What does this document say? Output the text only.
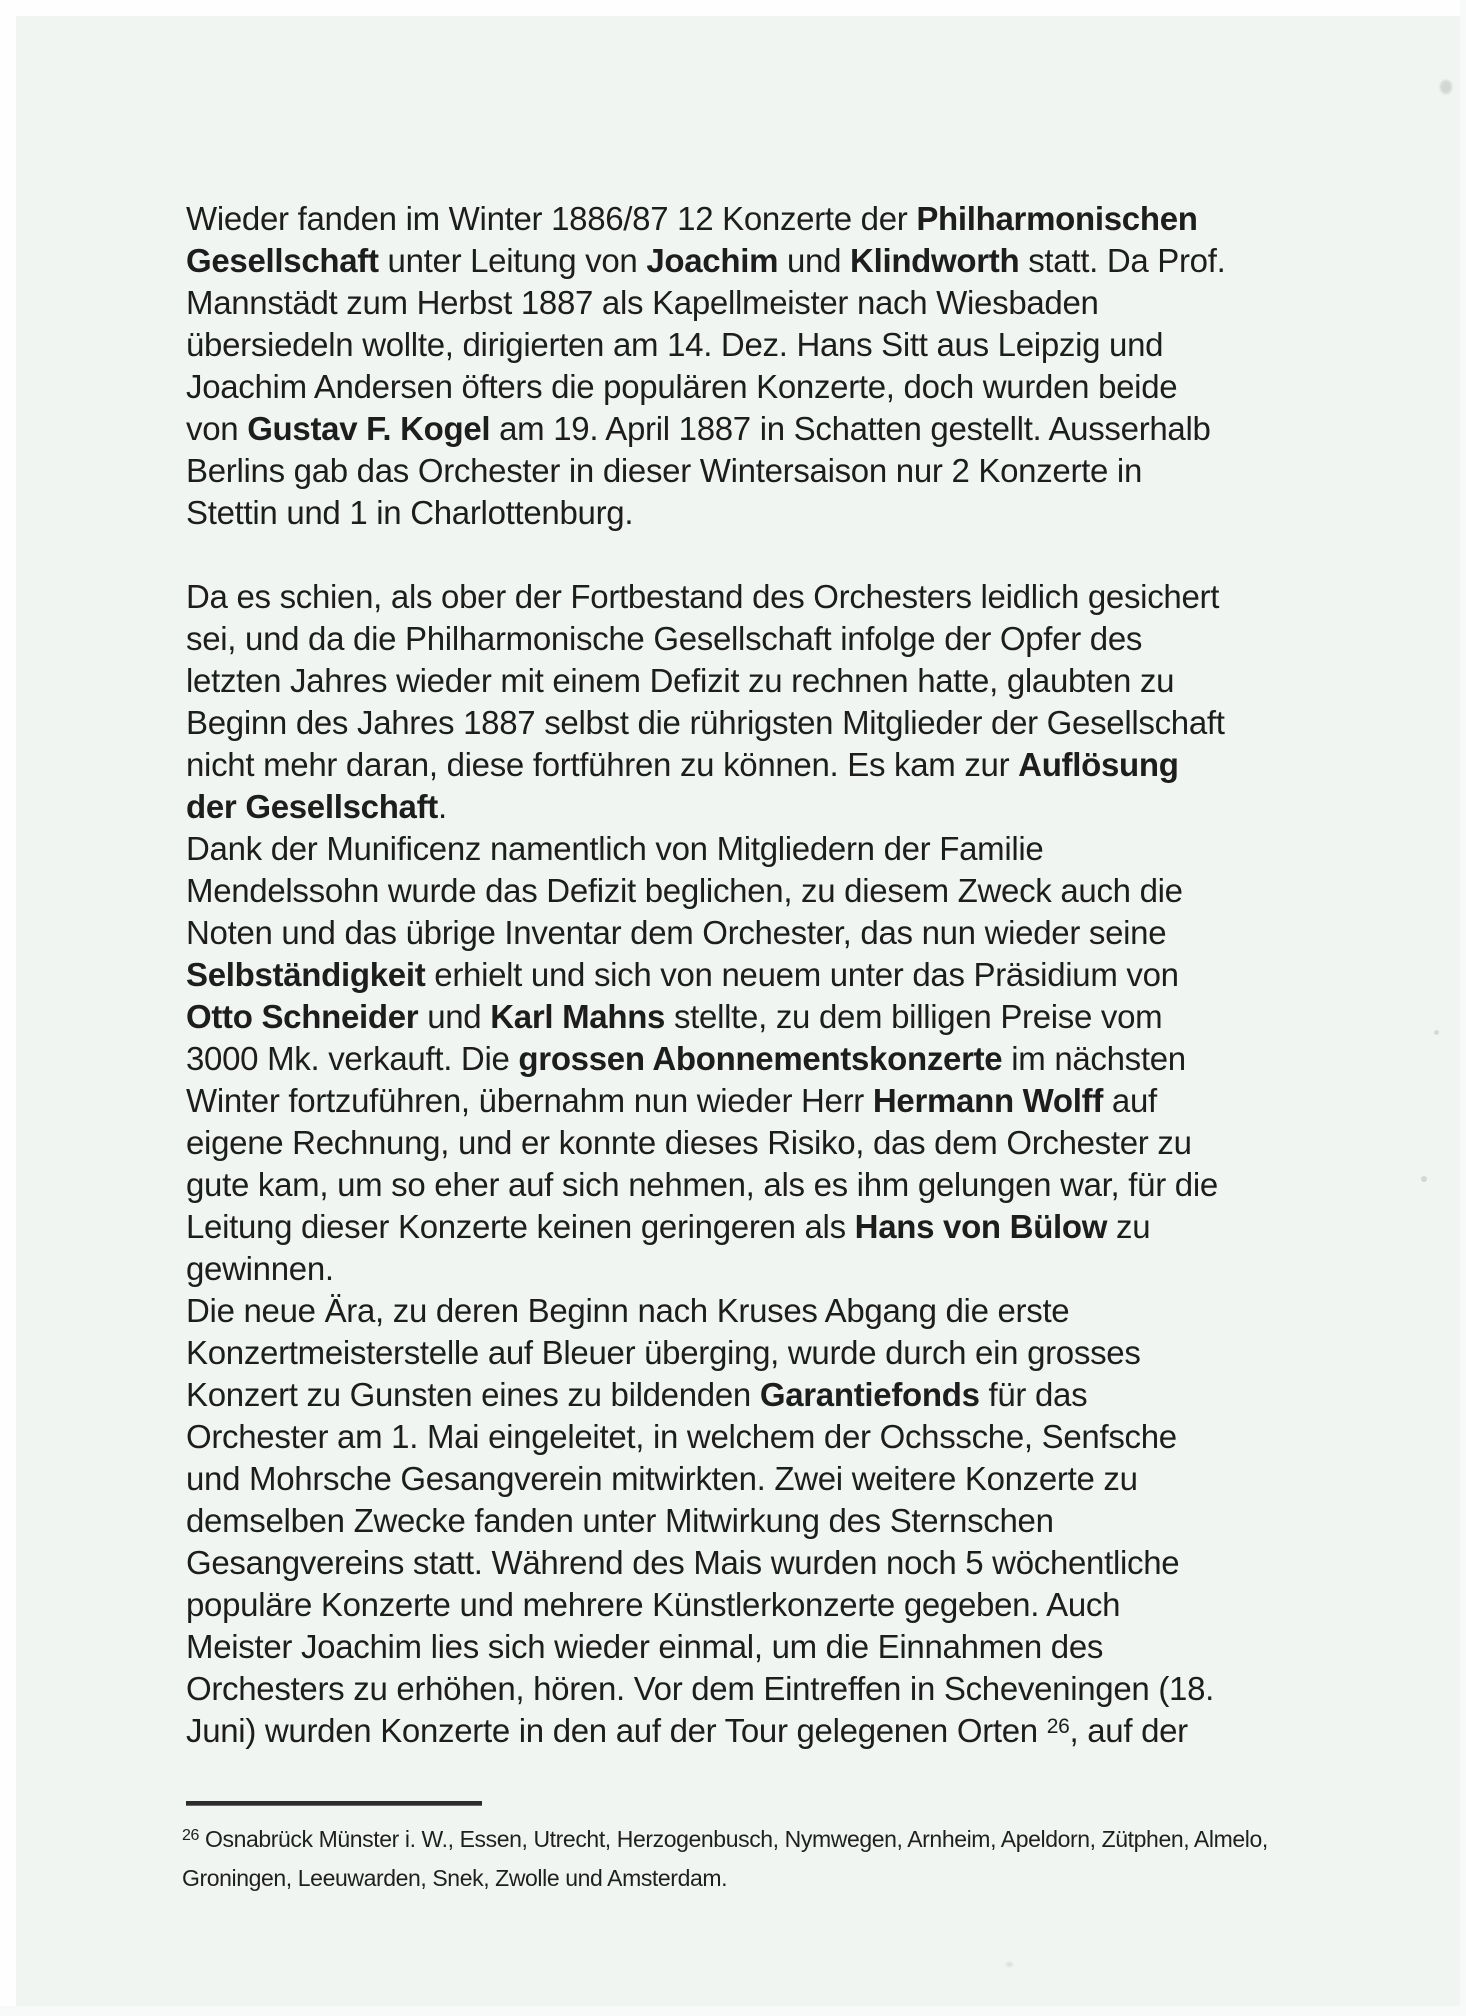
Wieder fanden im Winter 1886/87 12 Konzerte der Philharmonischen
Gesellschaft unter Leitung von Joachim und Klindworth statt. Da Prof.
Mannstädt zum Herbst 1887 als Kapellmeister nach Wiesbaden
übersiedeln wollte, dirigierten am 14. Dez. Hans Sitt aus Leipzig und
Joachim Andersen öfters die populären Konzerte, doch wurden beide
von Gustav F. Kogel am 19. April 1887 in Schatten gestellt. Ausserhalb
Berlins gab das Orchester in dieser Wintersaison nur 2 Konzerte in
Stettin und 1 in Charlottenburg.
Da es schien, als ober der Fortbestand des Orchesters leidlich gesichert
sei, und da die Philharmonische Gesellschaft infolge der Opfer des
letzten Jahres wieder mit einem Defizit zu rechnen hatte, glaubten zu
Beginn des Jahres 1887 selbst die rührigsten Mitglieder der Gesellschaft
nicht mehr daran, diese fortführen zu können. Es kam zur Auflösung
der Gesellschaft.
Dank der Munificenz namentlich von Mitgliedern der Familie
Mendelssohn wurde das Defizit beglichen, zu diesem Zweck auch die
Noten und das übrige Inventar dem Orchester, das nun wieder seine
Selbständigkeit erhielt und sich von neuem unter das Präsidium von
Otto Schneider und Karl Mahns stellte, zu dem billigen Preise vom
3000 Mk. verkauft. Die grossen Abonnementskonzerte im nächsten
Winter fortzuführen, übernahm nun wieder Herr Hermann Wolff auf
eigene Rechnung, und er konnte dieses Risiko, das dem Orchester zu
gute kam, um so eher auf sich nehmen, als es ihm gelungen war, für die
Leitung dieser Konzerte keinen geringeren als Hans von Bülow zu
gewinnen.
Die neue Ära, zu deren Beginn nach Kruses Abgang die erste
Konzertmeisterstelle auf Bleuer überging, wurde durch ein grosses
Konzert zu Gunsten eines zu bildenden Garantiefonds für das
Orchester am 1. Mai eingeleitet, in welchem der Ochssche, Senfsche
und Mohrsche Gesangverein mitwirkten. Zwei weitere Konzerte zu
demselben Zwecke fanden unter Mitwirkung des Sternschen
Gesangvereins statt. Während des Mais wurden noch 5 wöchentliche
populäre Konzerte und mehrere Künstlerkonzerte gegeben. Auch
Meister Joachim lies sich wieder einmal, um die Einnahmen des
Orchesters zu erhöhen, hören. Vor dem Eintreffen in Scheveningen (18.
Juni) wurden Konzerte in den auf der Tour gelegenen Orten $^{26}$, auf der
$^{26}$ Osnabrück Münster i. W., Essen, Utrecht, Herzogenbusch, Nymwegen, Arnheim, Apeldorn, Zütphen, Almelo,
Groningen, Leeuwarden, Snek, Zwolle und Amsterdam.
